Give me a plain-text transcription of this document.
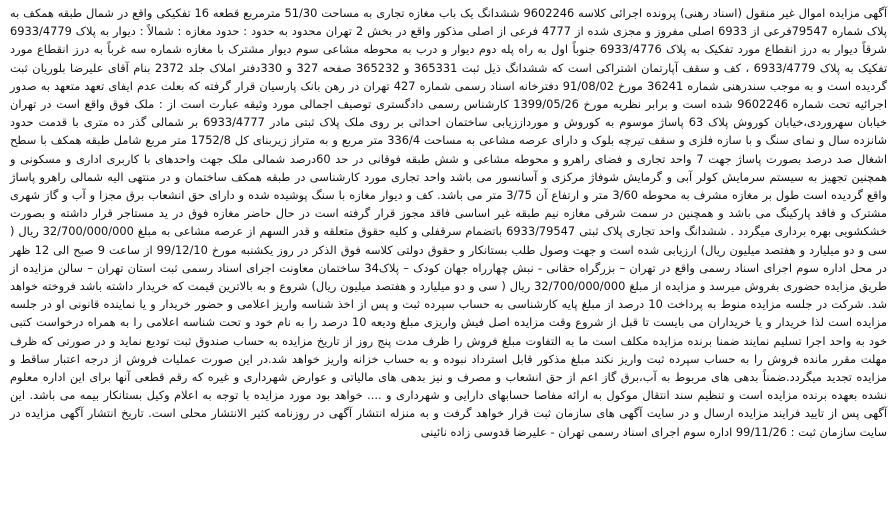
آگهی مزایده اموال غیر منقول (اسناد رهنی) پرونده اجرائی کلاسه 9602246 ششدانگ یک باب مغازه تجاری به مساحت 51/30 مترمربع قطعه 16 تفکیکی واقع در شمال طبقه همکف به پلاک شماره 79547فرعی از 6933 اصلی مفروز و مجزی شده از 4777 فرعی از اصلی مذکور واقع در بخش 2 تهران محدود به حدود : حدود مغازه : شمالاً : دیوار به پلاک 6933/4779 شرقاً دیوار به درز انقطاع مورد تفکیک به پلاک 6933/4776 جنوباً اول به راه پله دوم دیوار و درب به محوطه مشاعی سوم دیوار مشترک با مغازه شماره سه غرباً به درز انقطاع مورد تفکیک به پلاک 6933/4779 ، کف و سقف آپارتمان اشتراکی است که ششدانگ ذیل ثبت 365331 و 365232 صفحه 327 و 330دفتر املاک جلد 2372 بنام آقای علیرضا بلوریان ثبت گردیده است و به موجب سندرهنی شماره 36241 مورخ 91/08/02 دفترخانه اسناد رسمی شماره 427 تهران در رهن بانک پارسیان قرار گرفته که بعلت عدم ایفای تعهد متعهد به صدور اجرائیه تحت شماره 9602246 شده است و برابر نظریه مورخ 1399/05/26 کارشناس رسمی دادگستری توصیف اجمالی مورد وثیقه عبارت است از : ملک فوق واقع است در تهران خیابان سهروردی،خیابان کوروش پلاک 63 پاساژ موسوم به کوروش و مورداززیابی ساختمان احداثی بر روی ملک پلاک ثبتی مادر 6933/4777 بر شمالی گذر ده متری با قدمت حدود شانزده سال و نمای سنگ و با سازه فلزی و سقف تیرچه بلوک و دارای عرصه مشاعی به مساحت 336/4 متر مربع و به متراز زیربنای کل 1752/8 متر مربع شامل طبقه همکف با سطح اشغال صد درصد بصورت پاساژ جهت 7 واحد تجاری و فضای راهرو و محوطه مشاعی و شش طبقه فوقانی در حد 60درصد شمالی ملک جهت واحدهای با کاربری اداری و مسکونی و همچنین تجهیز به سیستم سرمایش کولر آبی و گرمایش شوفاژ مرکزی و آسانسور می باشد واحد تجاری مورد کارشناسی در طبقه همکف ساختمان و در منتهی الیه شمالی راهرو پاساژ واقع گردیده است طول بر مغازه مشرف به محوطه 3/60 متر و ارتفاع آن 3/75 متر می باشد. کف و دیوار مغازه با سنگ پوشیده شده و دارای حق انشعاب برق مجزا و آب و گاز شهری مشترک و فاقد پارکینگ می باشد و همچنین در سمت شرقی مغازه نیم طبقه غیر اساسی فاقد مجوز قرار گرفته است در حال حاضر مغازه فوق در ید مستاجر قرار داشته و بصورت خشکشویی بهره برداری میگردد . ششدانگ واحد تجاری پلاک ثبتی 6933/79547 باتضمام سرقفلی و کلیه حقوق متعلقه و قدر السهم از عرصه مشاعی به مبلغ 32/700/000/000 ریال ( سی و دو میلیارد و هفتصد میلیون ریال) ارزیابی شده است و جهت وصول طلب بستانکار و حقوق دولتی کلاسه فوق الذکر در روز یکشنبه مورخ 99/12/10 از ساعت 9 صبح الی 12 ظهر در محل اداره سوم اجرای اسناد رسمی واقع در تهران – بزرگراه حقانی - نبش چهارراه جهان کودک – پلاک34 ساختمان معاونت اجرای اسناد رسمی ثبت استان تهران – سالن مزایده از طریق مزایده حضوری بفروش میرسد و مزایده از مبلغ 32/700/000/000 ریال ( سی و دو میلیارد و هفتصد میلیون ریال) شروع و به بالاترین قیمت که خریدار داشته باشد فروخته خواهد شد. شرکت در جلسه مزایده منوط به پرداخت 10 درصد از مبلغ پایه کارشناسی به حساب سپرده ثبت و پس از اخذ شناسه واریز اعلامی و حضور خریدار و یا نماینده قانونی او در جلسه مزایده است لذا خریدار و یا خریداران می بایست تا قبل از شروع وقت مزایده اصل فیش واریزی مبلغ ودیعه 10 درصد را به نام خود و تحت شناسه اعلامی را به همراه درخواست کتبی خود به واحد اجرا تسلیم نمایند ضمنا برنده مزایده مکلف است ما به التفاوت مبلغ فروش را ظرف مدت پنج روز از تاریخ مزایده به حساب صندوق ثبت تودیع نماید و در صورتی که ظرف مهلت مقرر مانده فروش را به حساب سپرده ثبت واریز نکند مبلغ مذکور قابل استرداد نبوده و به حساب خزانه واریز خواهد شد.در این صورت عملیات فروش از درجه اعتبار ساقط و مزایده تجدید میگردد.ضمناً بدهی های مربوط به آب،برق گاز اعم از حق انشعاب و مصرف و نیز بدهی های مالیاتی و عوارض شهرداری و غیره که رقم قطعی آنها برای این اداره معلوم نشده بعهده برنده مزایده است و تنظیم سند انتقال موکول به ارائه مفاصا حسابهای دارایی و شهرداری و .... خواهد بود مورد مزایده با توجه به اعلام وکیل بستانکار بیمه می باشد. این آگهی پس از تایید فرایند مزایده ارسال و در سایت آگهی های سازمان ثبت قرار خواهد گرفت و به منزله انتشار آگهی در روزنامه کثیر الانتشار محلی است. تاریخ انتشار آگهی مزایده در سایت سازمان ثبت : 99/11/26 اداره سوم اجرای اسناد رسمی تهران - علیرضا قدوسی زاده نائینی
